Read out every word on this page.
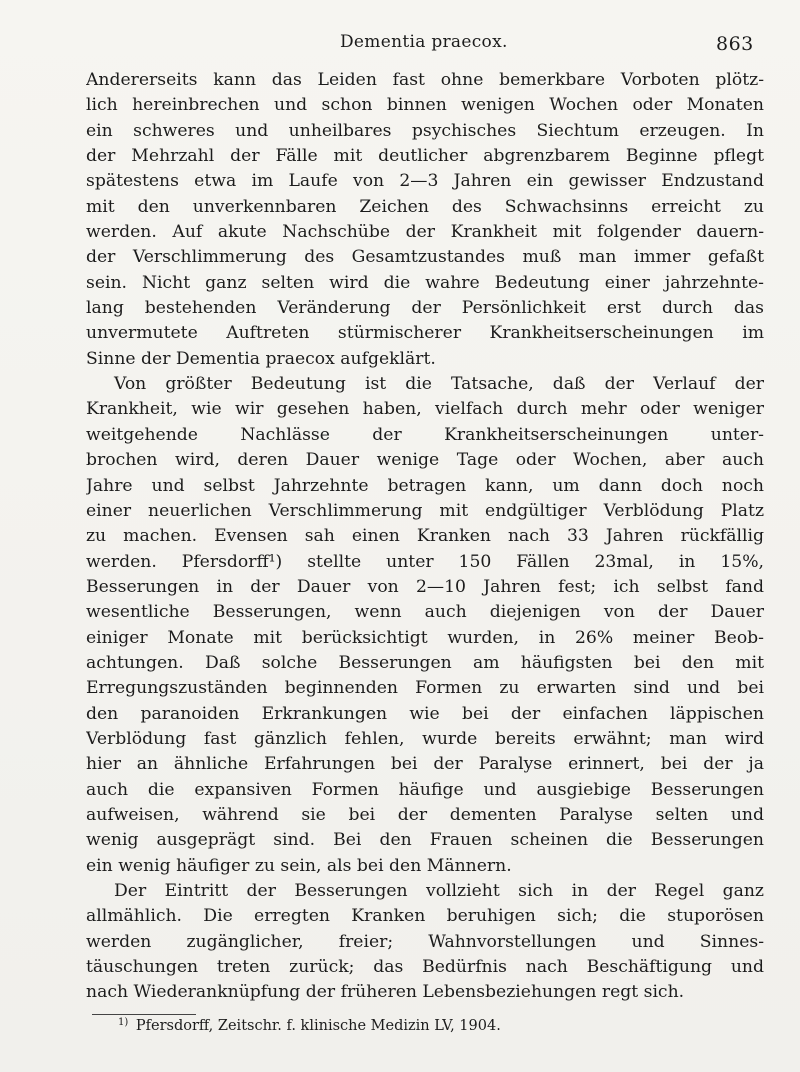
Dementia praecox.	863
Andererseits kann das Leiden fast ohne bemerkbare Vorboten plötz-
lich hereinbrechen und schon binnen wenigen Wochen oder Monaten
ein schweres und unheilbares psychisches Siechtum erzeugen. In
der Mehrzahl der Fälle mit deutlicher abgrenzbarem Beginne pflegt
spätestens etwa im Laufe von 2—3 Jahren ein gewisser Endzustand
mit den unverkennbaren Zeichen des Schwachsinns erreicht zu
werden. Auf akute Nachschübe der Krankheit mit folgender dauern-
der Verschlimmerung des Gesamtzustandes muß man immer gefaßt
sein. Nicht ganz selten wird die wahre Bedeutung einer jahrzehnte-
lang bestehenden Veränderung der Persönlichkeit erst durch das
unvermutete Auftreten stürmischerer Krankheitserscheinungen im
Sinne der Dementia praecox aufgeklärt.
Von größter Bedeutung ist die Tatsache, daß der Verlauf der
Krankheit, wie wir gesehen haben, vielfach durch mehr oder weniger
weitgehende Nachlässe der Krankheitserscheinungen unter-
brochen wird, deren Dauer wenige Tage oder Wochen, aber auch
Jahre und selbst Jahrzehnte betragen kann, um dann doch noch
einer neuerlichen Verschlimmerung mit endgültiger Verblödung Platz
zu machen. Evensen sah einen Kranken nach 33 Jahren rückfällig
werden. Pfersdorff¹) stellte unter 150 Fällen 23mal, in 15%,
Besserungen in der Dauer von 2—10 Jahren fest; ich selbst fand
wesentliche Besserungen, wenn auch diejenigen von der Dauer
einiger Monate mit berücksichtigt wurden, in 26% meiner Beob-
achtungen. Daß solche Besserungen am häufigsten bei den mit
Erregungszuständen beginnenden Formen zu erwarten sind und bei
den paranoiden Erkrankungen wie bei der einfachen läppischen
Verblödung fast gänzlich fehlen, wurde bereits erwähnt; man wird
hier an ähnliche Erfahrungen bei der Paralyse erinnert, bei der ja
auch die expansiven Formen häufige und ausgiebige Besserungen
aufweisen, während sie bei der dementen Paralyse selten und
wenig ausgeprägt sind. Bei den Frauen scheinen die Besserungen
ein wenig häufiger zu sein, als bei den Männern.
Der Eintritt der Besserungen vollzieht sich in der Regel ganz
allmählich. Die erregten Kranken beruhigen sich; die stuporösen
werden zugänglicher, freier; Wahnvorstellungen und Sinnes-
täuschungen treten zurück; das Bedürfnis nach Beschäftigung und
nach Wiederanknüpfung der früheren Lebensbeziehungen regt sich.
$^{1)}$ Pfersdorff, Zeitschr. f. klinische Medizin LV, 1904.
